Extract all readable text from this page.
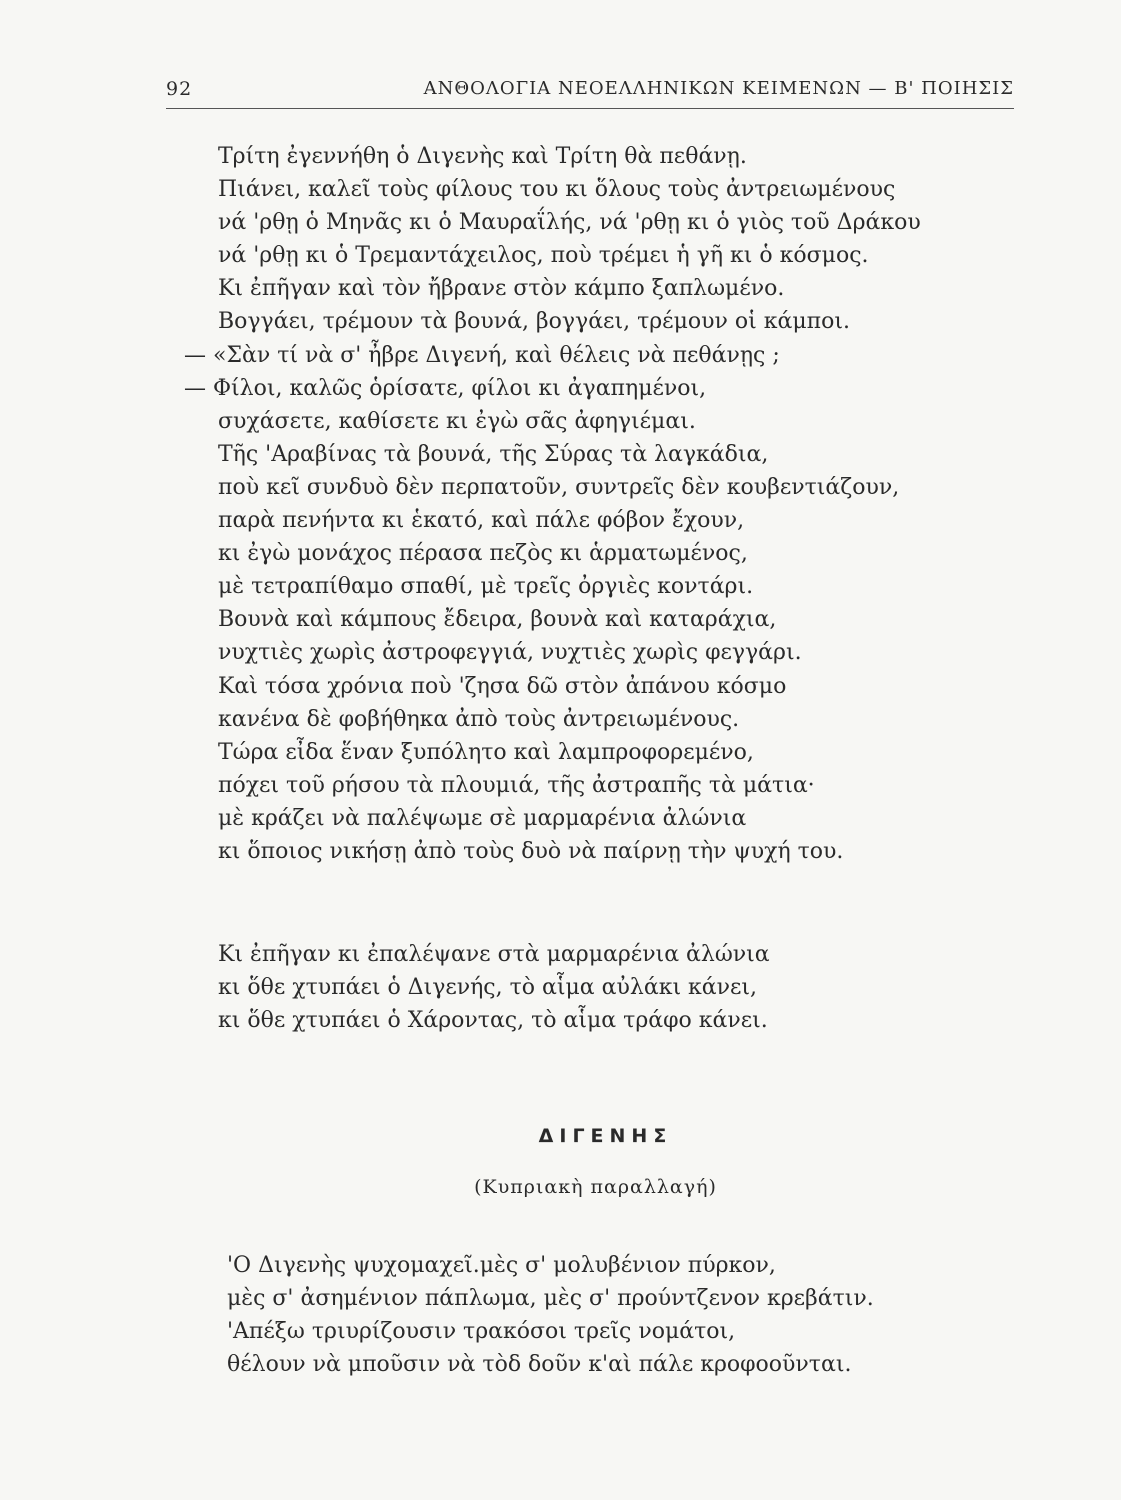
92	ΑΝΘΟΛΟΓΙΑ ΝΕΟΕΛΛΗΝΙΚΩΝ ΚΕΙΜΕΝΩΝ — Β' ΠΟΙΗΣΙΣ
Τρίτη ἐγεννήθη ὁ Διγενὴς καὶ Τρίτη θὰ πεθάνῃ.
Πιάνει, καλεῖ τοὺς φίλους του κι ὅλους τοὺς ἀντρειωμένους
νά 'ρθῃ ὁ Μηνᾶς κι ὁ Μαυραΐλής, νά 'ρθῃ κι ὁ γιὸς τοῦ Δράκου
νά 'ρθῃ κι ὁ Τρεμαντάχειλος, ποὺ τρέμει ἡ γῆ κι ὁ κόσμος.
Κι ἐπῆγαν καὶ τὸν ἤβρανε στὸν κάμπο ξαπλωμένο.
Βογγάει, τρέμουν τὰ βουνά, βογγάει, τρέμουν οἱ κάμποι.
— «Σὰν τί νὰ σ' ἦβρε Διγενή, καὶ θέλεις νὰ πεθάνῃς ;
— Φίλοι, καλῶς ὁρίσατε, φίλοι κι ἀγαπημένοι,
συχάσετε, καθίσετε κι ἐγὼ σᾶς ἀφηγιέμαι.
Τῆς 'Αραβίνας τὰ βουνά, τῆς Σύρας τὰ λαγκάδια,
ποὺ κεῖ συνδυὸ δὲν περπατοῦν, συντρεῖς δὲν κουβεντιάζουν,
παρὰ πενήντα κι ἑκατό, καὶ πάλε φόβον ἔχουν,
κι ἐγὼ μονάχος πέρασα πεζὸς κι ἁρματωμένος,
μὲ τετραπίθαμο σπαθί, μὲ τρεῖς ὀργιὲς κοντάρι.
Βουνὰ καὶ κάμπους ἔδειρα, βουνὰ καὶ καταράχια,
νυχτιὲς χωρὶς ἀστροφεγγιά, νυχτιὲς χωρὶς φεγγάρι.
Καὶ τόσα χρόνια ποὺ 'ζησα δῶ στὸν ἀπάνου κόσμο
κανένα δὲ φοβήθηκα ἀπὸ τοὺς ἀντρειωμένους.
Τώρα εἶδα ἕναν ξυπόλητο καὶ λαμπροφορεμένο,
πόχει τοῦ ρήσου τὰ πλουμιά, τῆς ἀστραπῆς τὰ μάτια·
μὲ κράζει νὰ παλέψωμε σὲ μαρμαρένια ἀλώνια
κι ὅποιος νικήσῃ ἀπὸ τοὺς δυὸ νὰ παίρνῃ τὴν ψυχή του.
Κι ἐπῆγαν κι ἐπαλέψανε στὰ μαρμαρένια ἀλώνια
κι ὅθε χτυπάει ὁ Διγενής, τὸ αἷμα αὐλάκι κάνει,
κι ὅθε χτυπάει ὁ Χάροντας, τὸ αἷμα τράφο κάνει.
ΔΙΓΕΝΗΣ
(Κυπριακὴ παραλλαγή)
'Ο Διγενὴς ψυχομαχεῖ.μὲς σ' μολυβένιον πύρκον,
μὲς σ' ἀσημένιον πάπλωμα, μὲς σ' προύντζενον κρεβάτιν.
'Απέξω τριυρίζουσιν τρακόσοι τρεῖς νομάτοι,
θέλουν νὰ μποῦσιν νὰ τὸδ δοῦν κ'αὶ πάλε κροφοοῦνται.
